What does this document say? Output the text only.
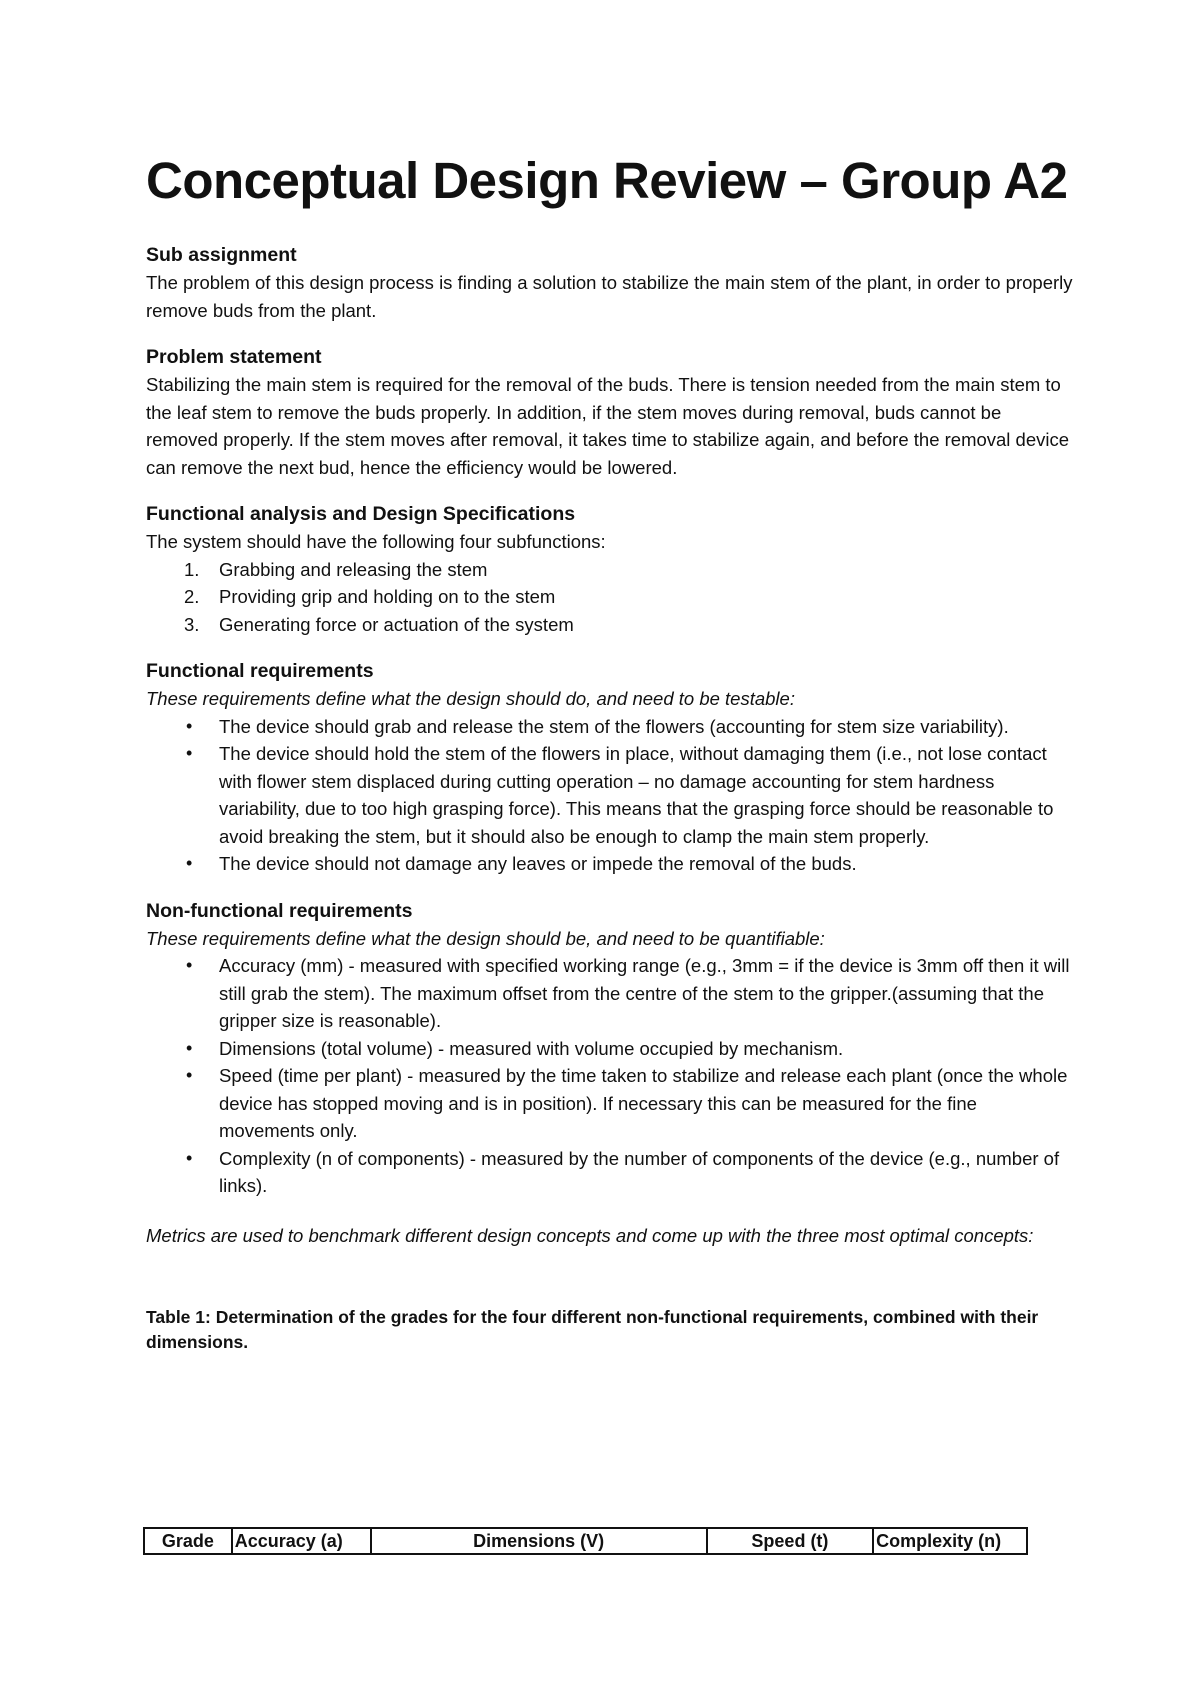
Conceptual Design Review – Group A2

Sub assignment

The problem of this design process is finding a solution to stabilize the main stem of the plant, in order to properly remove buds from the plant.

Problem statement

Stabilizing the main stem is required for the removal of the buds. There is tension needed from the main stem to the leaf stem to remove the buds properly. In addition, if the stem moves during removal, buds cannot be removed properly. If the stem moves after removal, it takes time to stabilize again, and before the removal device can remove the next bud, hence the efficiency would be lowered.

Functional analysis and Design Specifications

The system should have the following four subfunctions:

1. Grabbing and releasing the stem
2. Providing grip and holding on to the stem
3. Generating force or actuation of the system

Functional requirements

These requirements define what the design should do, and need to be testable:

• The device should grab and release the stem of the flowers (accounting for stem size variability).
• The device should hold the stem of the flowers in place, without damaging them (i.e., not lose contact with flower stem displaced during cutting operation – no damage accounting for stem hardness variability, due to too high grasping force). This means that the grasping force should be reasonable to avoid breaking the stem, but it should also be enough to clamp the main stem properly.
• The device should not damage any leaves or impede the removal of the buds.

Non-functional requirements

These requirements define what the design should be, and need to be quantifiable:

• Accuracy (mm) - measured with specified working range (e.g., 3mm = if the device is 3mm off then it will still grab the stem). The maximum offset from the centre of the stem to the gripper.(assuming that the gripper size is reasonable).
• Dimensions (total volume) - measured with volume occupied by mechanism.
• Speed (time per plant) - measured by the time taken to stabilize and release each plant (once the whole device has stopped moving and is in position). If necessary this can be measured for the fine movements only.
• Complexity (n of components) - measured by the number of components of the device (e.g., number of links).

Metrics are used to benchmark different design concepts and come up with the three most optimal concepts:

Table 1: Determination of the grades for the four different non-functional requirements, combined with their dimensions.

Grade	Accuracy (a)	Dimensions (V)	Speed (t)	Complexity (n)
